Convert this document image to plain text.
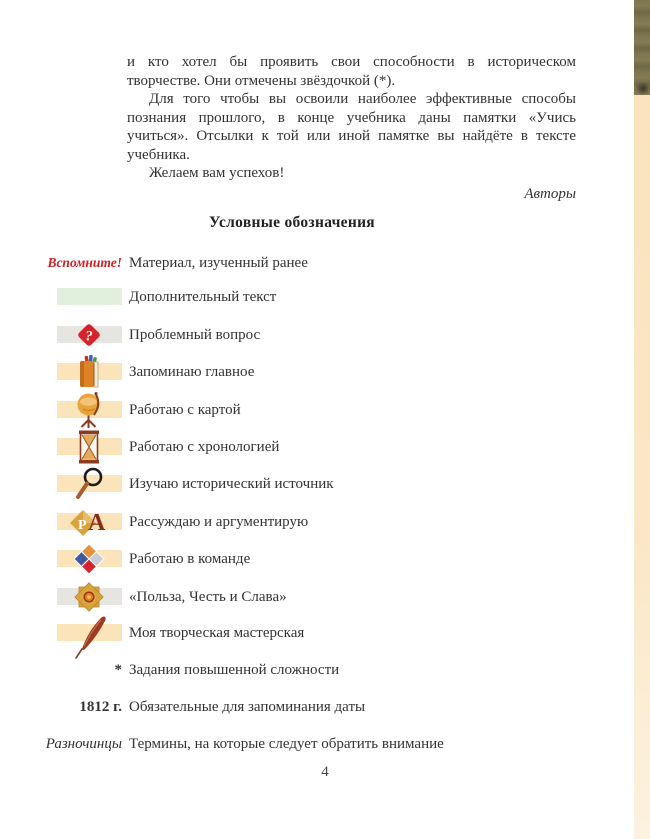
и кто хотел бы проявить свои способности в историческом творчестве. Они отмечены звёздочкой (*).

Для того чтобы вы освоили наиболее эффективные способы познания прошлого, в конце учебника даны памятки «Учись учиться». Отсылки к той или иной памятке вы найдёте в тексте учебника.

Желаем вам успехов!

Авторы
Условные обозначения
Вспомните! Материал, изученный ранее
Дополнительный текст
? Проблемный вопрос
Запоминаю главное
Работаю с картой
Работаю с хронологией
Изучаю исторический источник
Р А Рассуждаю и аргументирую
Работаю в команде
«Польза, Честь и Слава»
Моя творческая мастерская
* Задания повышенной сложности
1812 г. Обязательные для запоминания даты
Разночинцы Термины, на которые следует обратить внимание
4
